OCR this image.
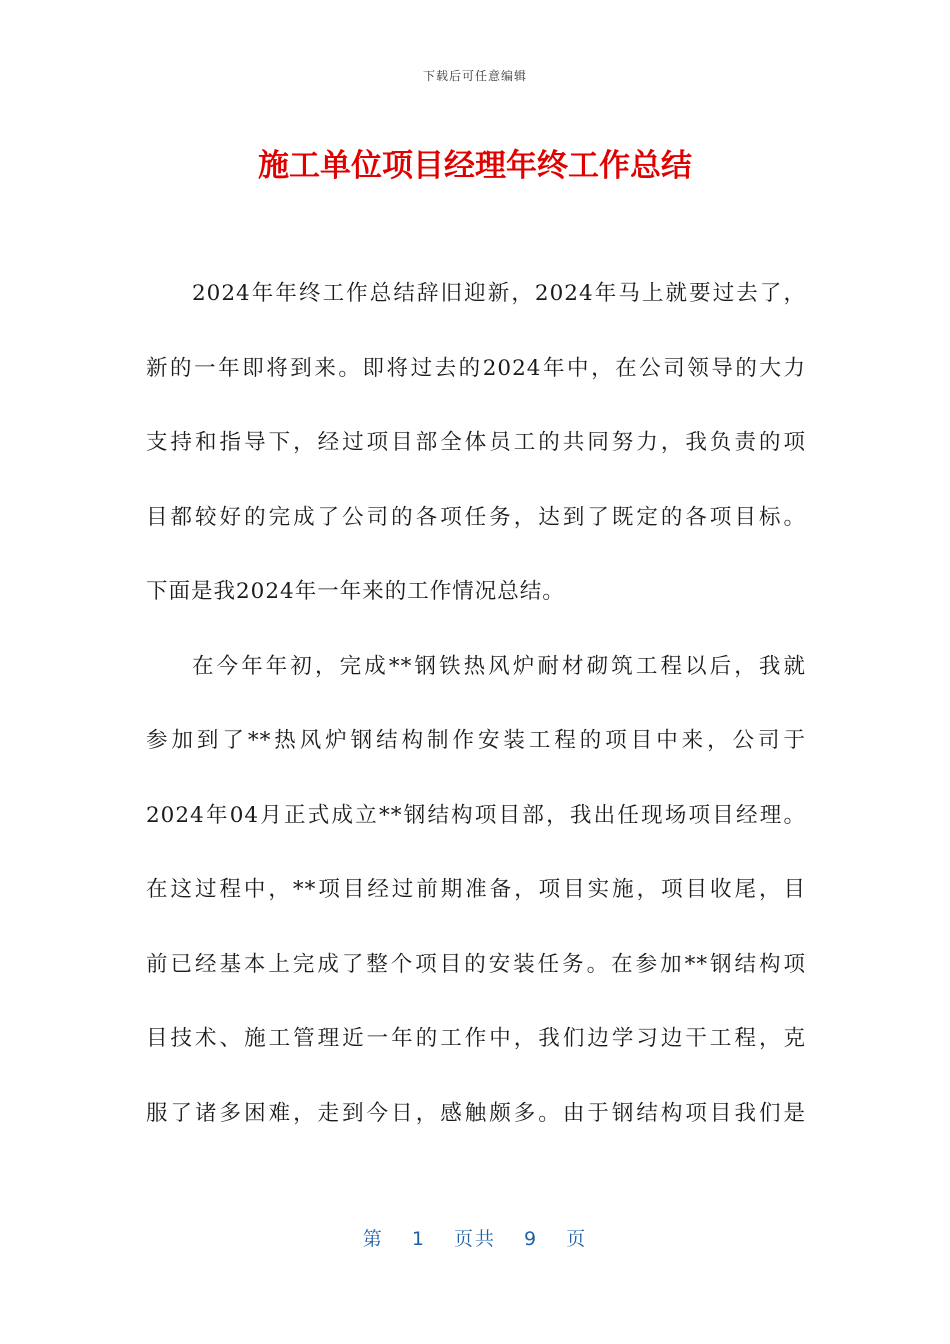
下载后可任意编辑
施工单位项目经理年终工作总结
2024年年终工作总结辞旧迎新，2024年马上就要过去了，
新的一年即将到来。即将过去的2024年中，在公司领导的大力
支持和指导下，经过项目部全体员工的共同努力，我负责的项
目都较好的完成了公司的各项任务，达到了既定的各项目标。
下面是我2024年一年来的工作情况总结。
在今年年初，完成**钢铁热风炉耐材砌筑工程以后，我就
参加到了**热风炉钢结构制作安装工程的项目中来，公司于
2024年04月正式成立**钢结构项目部，我出任现场项目经理。
在这过程中，**项目经过前期准备，项目实施，项目收尾，目
前已经基本上完成了整个项目的安装任务。在参加**钢结构项
目技术、施工管理近一年的工作中，我们边学习边干工程，克
服了诸多困难，走到今日，感触颇多。由于钢结构项目我们是
第 1 页共 9 页
